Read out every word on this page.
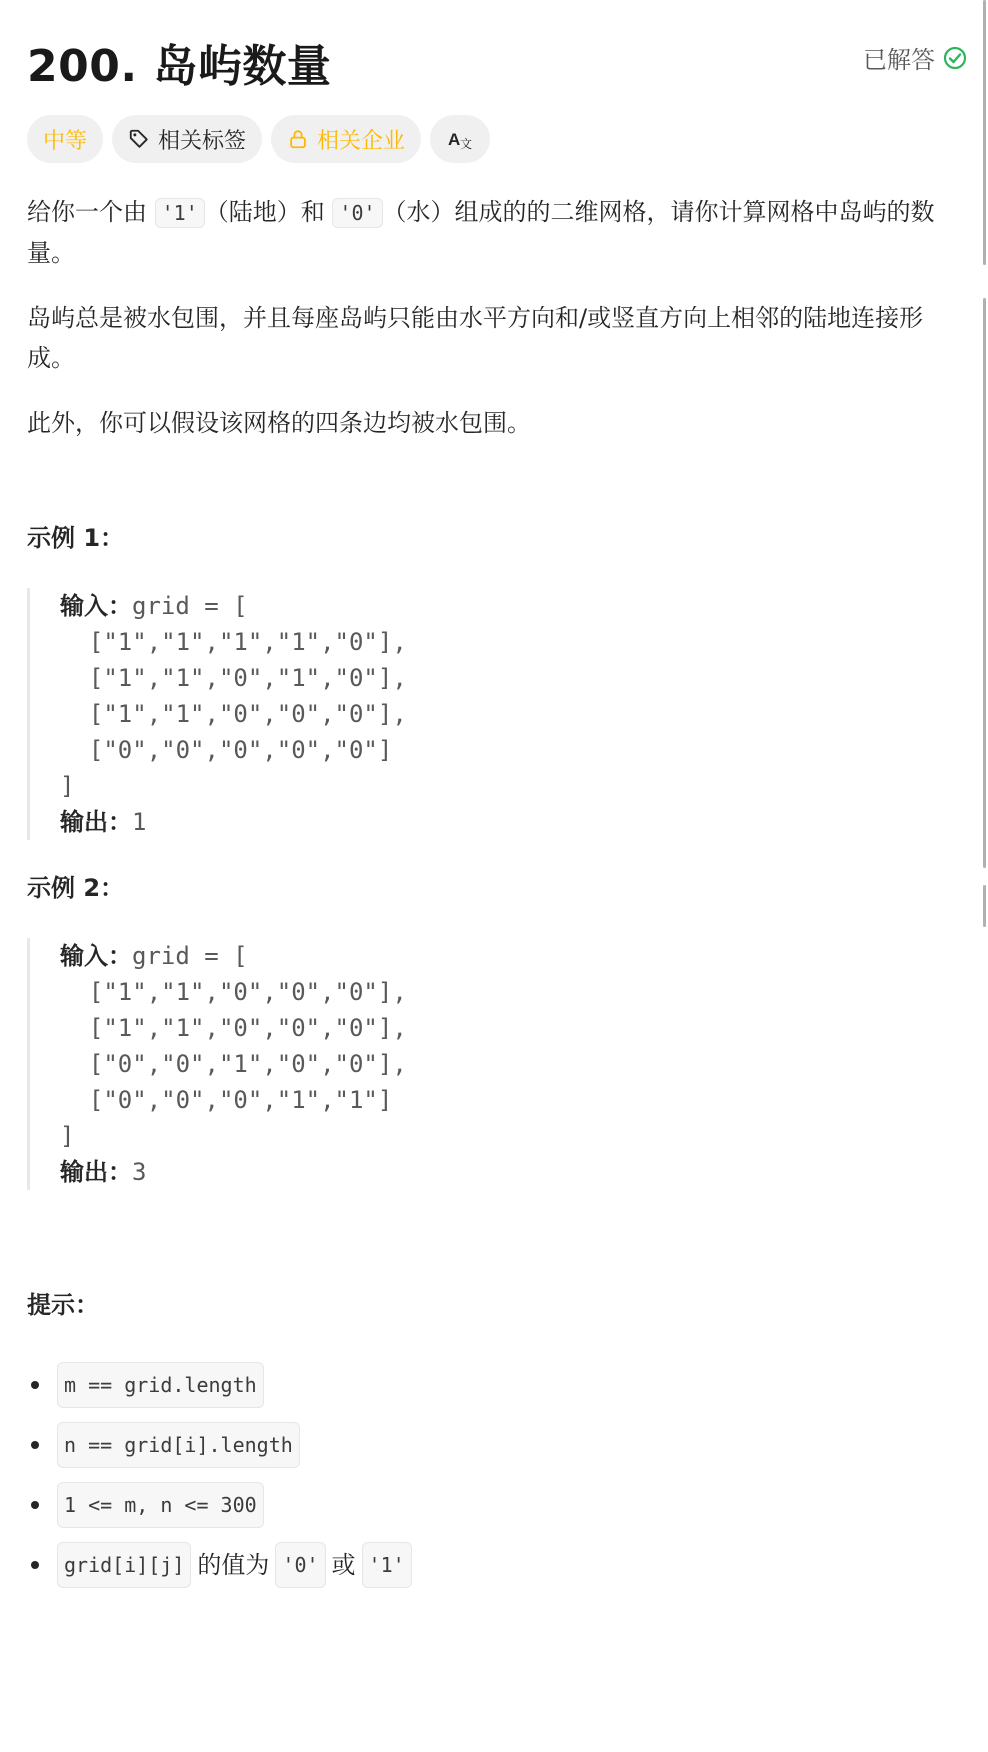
200. 岛屿数量	已解答
中等	相关标签	相关企业	A 文

给你一个由 '1' （陆地）和 '0' （水）组成的的二维网格，请你计算网格中岛屿的数量。

岛屿总是被水包围，并且每座岛屿只能由水平方向和/或竖直方向上相邻的陆地连接形成。

此外，你可以假设该网格的四条边均被水包围。

示例 1：
输入：grid = [
["1","1","1","1","0"],
["1","1","0","1","0"],
["1","1","0","0","0"],
["0","0","0","0","0"]
]
输出：1
示例 2：
输入：grid = [
["1","1","0","0","0"],
["1","1","0","0","0"],
["0","0","1","0","0"],
["0","0","0","1","1"]
]
输出：3
提示：
m == grid.length
n == grid[i].length
1 <= m, n <= 300
grid[i][j] 的值为 '0' 或 '1'
